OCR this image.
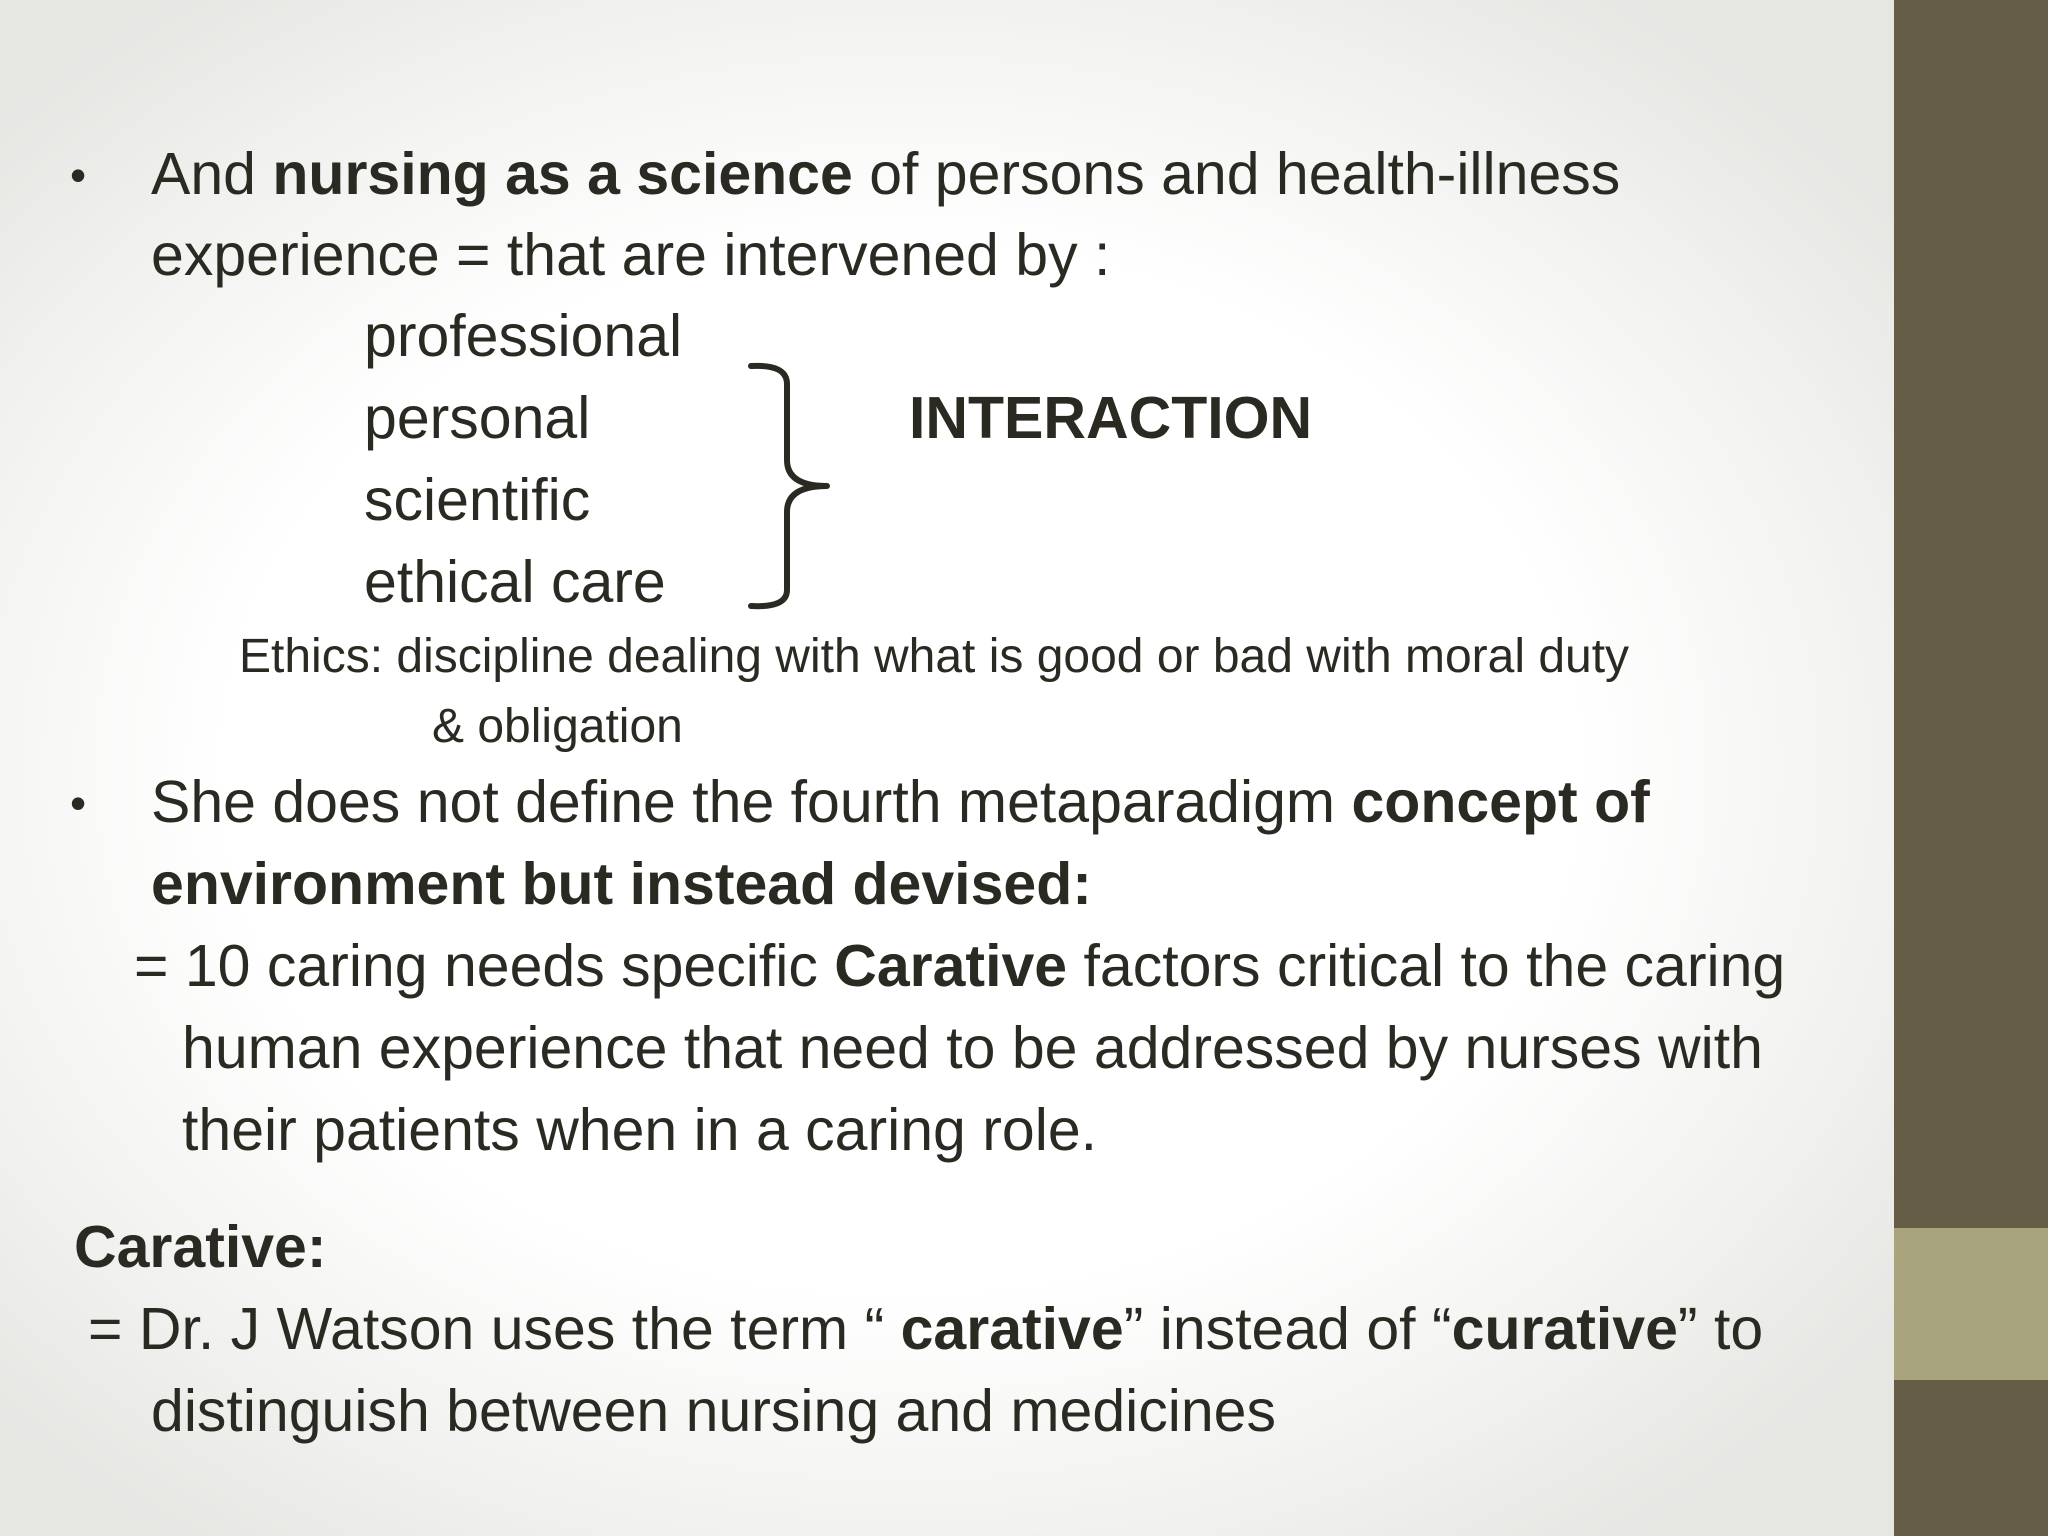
• And nursing as a science of persons and health-illness
experience = that are intervened by :
professional
personal
scientific
ethical care
INTERACTION
Ethics: discipline dealing with what is good or bad with moral duty
& obligation
• She does not define the fourth metaparadigm concept of
environment but instead devised:
= 10 caring needs specific Carative factors critical to the caring
human experience that need to be addressed by nurses with
their patients when in a caring role.
Carative:
= Dr. J Watson uses the term “ carative” instead of “curative” to
distinguish between nursing and medicines
